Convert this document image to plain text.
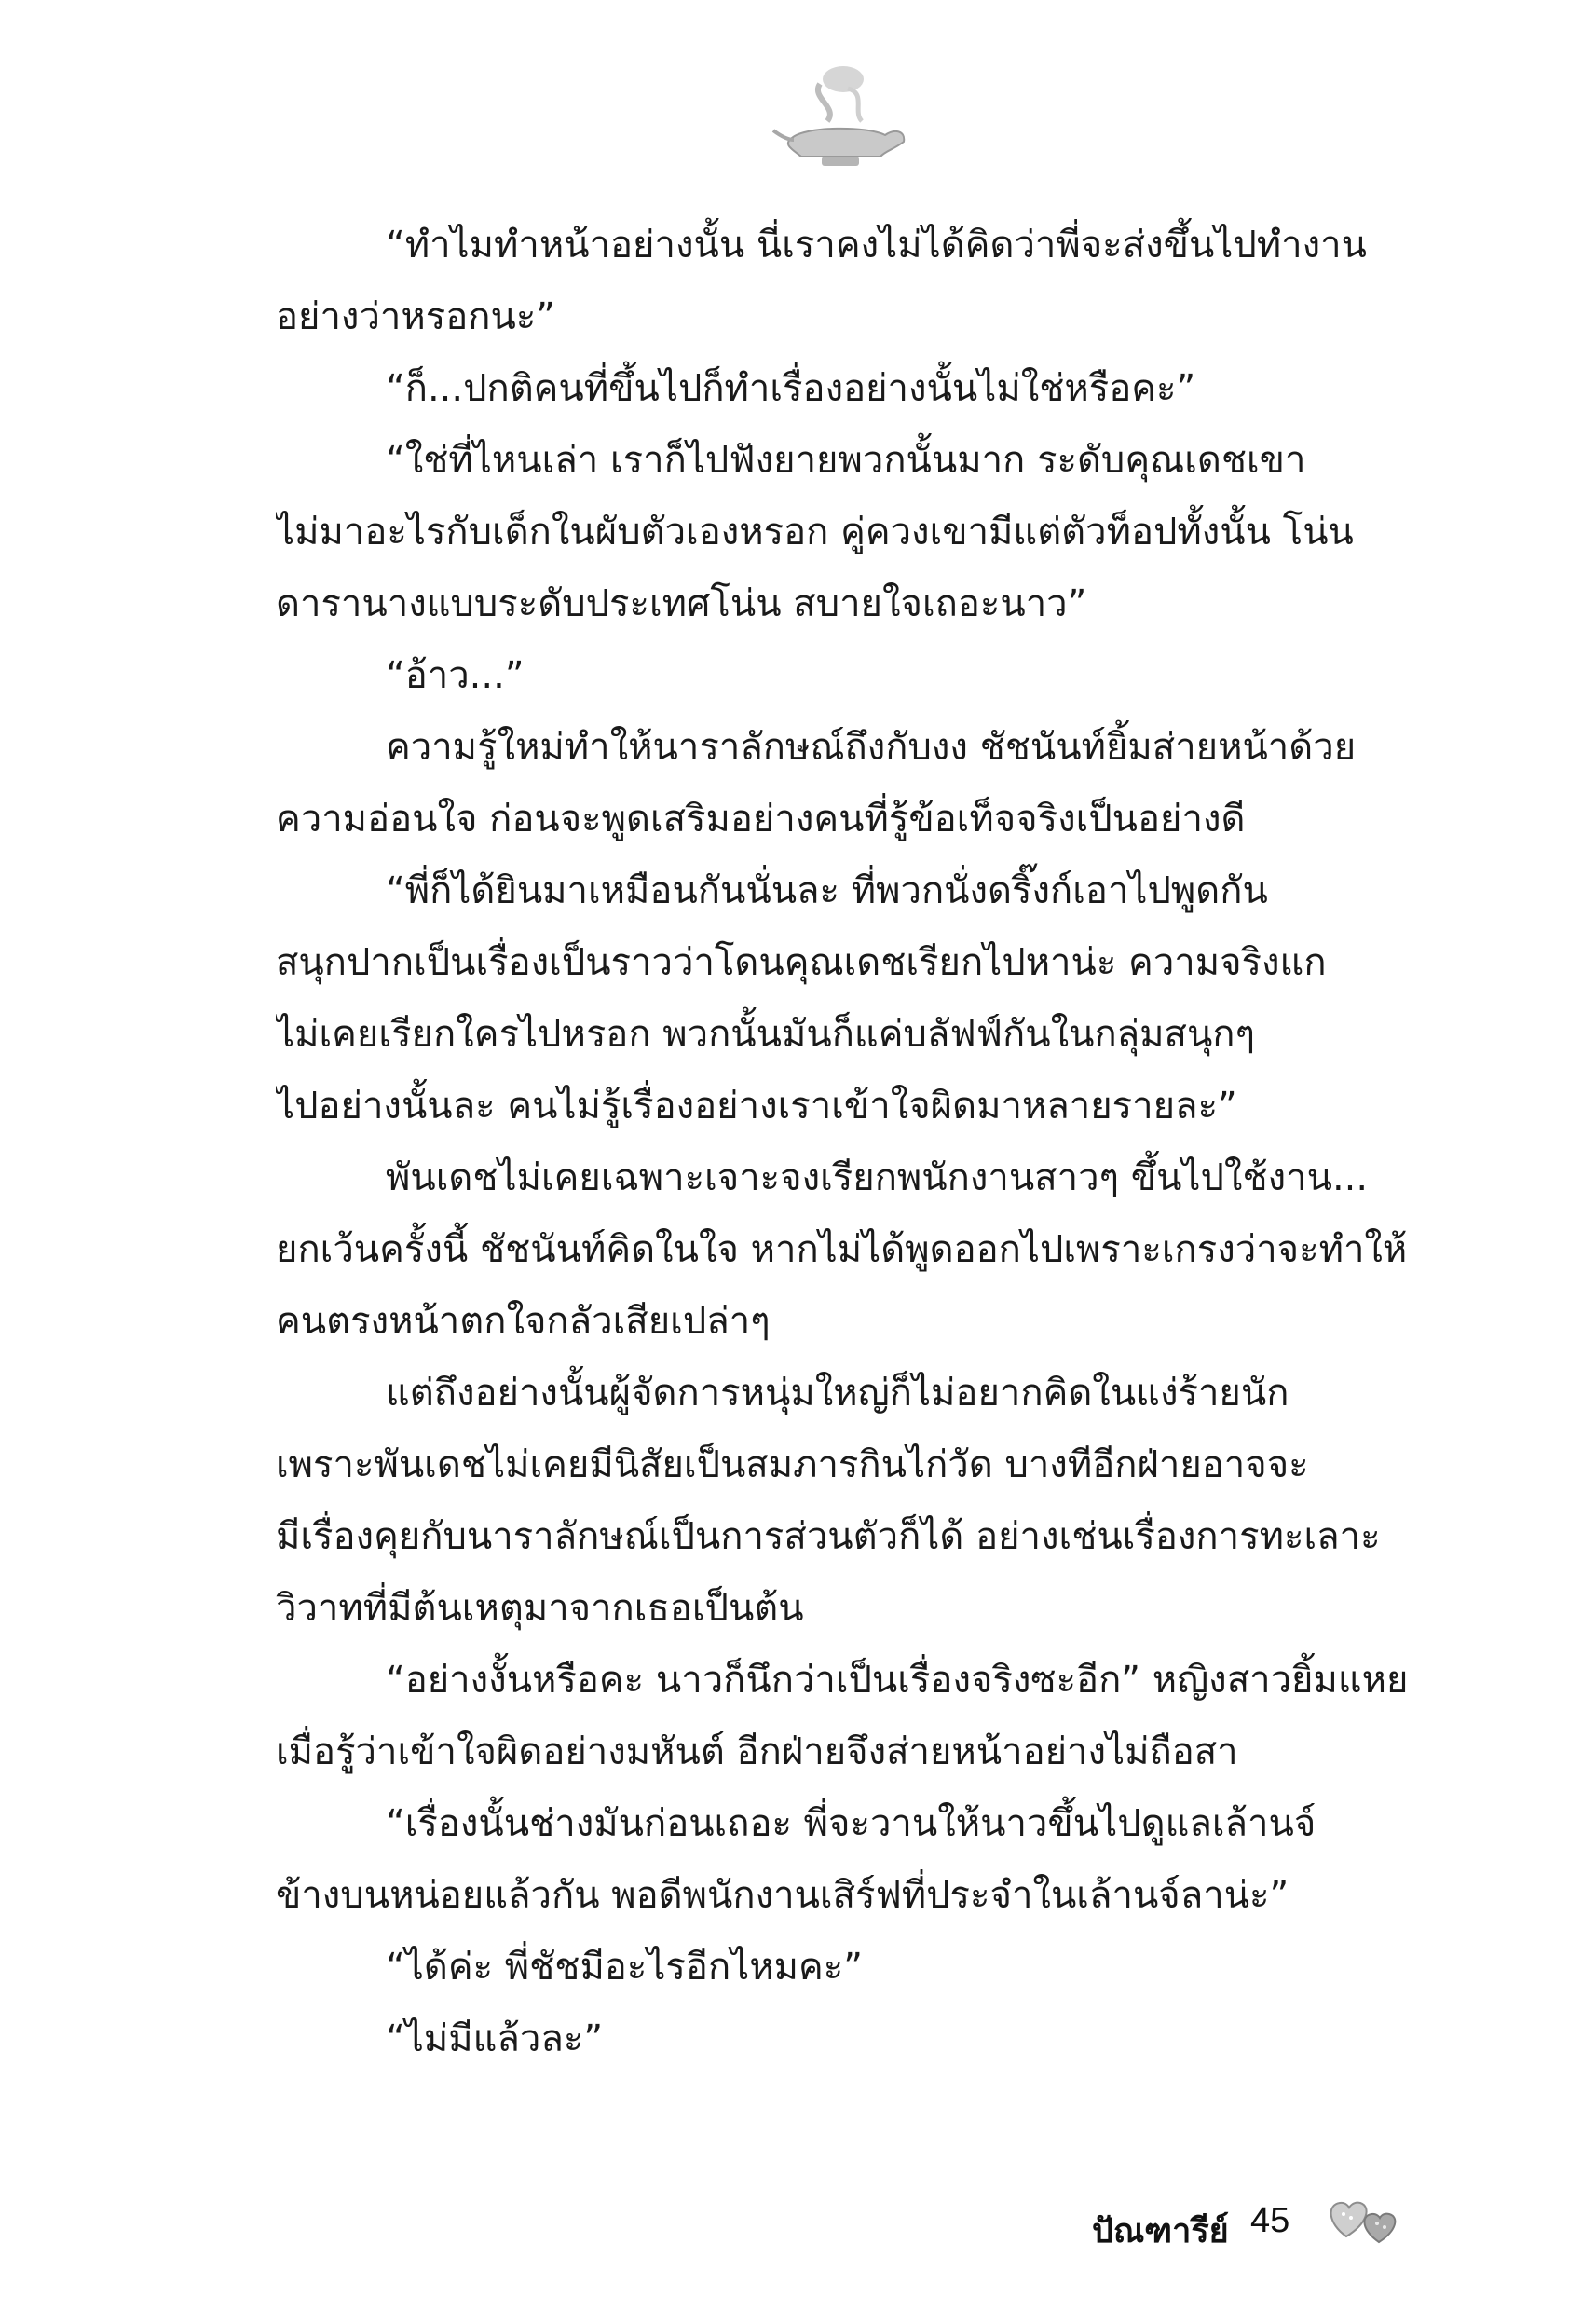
“ทำไมทำหน้าอย่างนั้น นี่เราคงไม่ได้คิดว่าพี่จะส่งขึ้นไปทำงาน
อย่างว่าหรอกนะ”
“ก็...ปกติคนที่ขึ้นไปก็ทำเรื่องอย่างนั้นไม่ใช่หรือคะ”
“ใช่ที่ไหนเล่า เราก็ไปฟังยายพวกนั้นมาก ระดับคุณเดชเขา
ไม่มาอะไรกับเด็กในผับตัวเองหรอก คู่ควงเขามีแต่ตัวท็อปทั้งนั้น โน่น
ดารานางแบบระดับประเทศโน่น สบายใจเถอะนาว”
“อ้าว...”
ความรู้ใหม่ทำให้นาราลักษณ์ถึงกับงง ชัชนันท์ยิ้มส่ายหน้าด้วย
ความอ่อนใจ ก่อนจะพูดเสริมอย่างคนที่รู้ข้อเท็จจริงเป็นอย่างดี
“พี่ก็ได้ยินมาเหมือนกันนั่นละ ที่พวกนั่งดริ๊งก์เอาไปพูดกัน
สนุกปากเป็นเรื่องเป็นราวว่าโดนคุณเดชเรียกไปหาน่ะ ความจริงแก
ไม่เคยเรียกใครไปหรอก พวกนั้นมันก็แค่บลัฟฟ์กันในกลุ่มสนุกๆ
ไปอย่างนั้นละ คนไม่รู้เรื่องอย่างเราเข้าใจผิดมาหลายรายละ”
พันเดชไม่เคยเฉพาะเจาะจงเรียกพนักงานสาวๆ ขึ้นไปใช้งาน...
ยกเว้นครั้งนี้ ชัชนันท์คิดในใจ หากไม่ได้พูดออกไปเพราะเกรงว่าจะทำให้
คนตรงหน้าตกใจกลัวเสียเปล่าๆ
แต่ถึงอย่างนั้นผู้จัดการหนุ่มใหญ่ก็ไม่อยากคิดในแง่ร้ายนัก
เพราะพันเดชไม่เคยมีนิสัยเป็นสมภารกินไก่วัด บางทีอีกฝ่ายอาจจะ
มีเรื่องคุยกับนาราลักษณ์เป็นการส่วนตัวก็ได้ อย่างเช่นเรื่องการทะเลาะ
วิวาทที่มีต้นเหตุมาจากเธอเป็นต้น
“อย่างงั้นหรือคะ นาวก็นึกว่าเป็นเรื่องจริงซะอีก” หญิงสาวยิ้มแหย
เมื่อรู้ว่าเข้าใจผิดอย่างมหันต์ อีกฝ่ายจึงส่ายหน้าอย่างไม่ถือสา
“เรื่องนั้นช่างมันก่อนเถอะ พี่จะวานให้นาวขึ้นไปดูแลเล้านจ์
ข้างบนหน่อยแล้วกัน พอดีพนักงานเสิร์ฟที่ประจำในเล้านจ์ลาน่ะ”
“ได้ค่ะ พี่ชัชมีอะไรอีกไหมคะ”
“ไม่มีแล้วละ”
ปัณฑารีย์ 45
